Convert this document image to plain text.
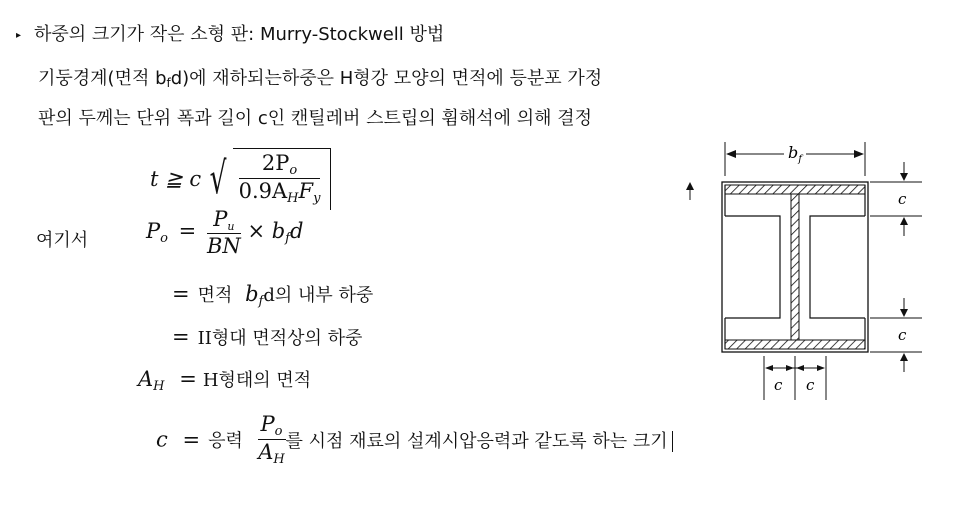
▸ 하중의 크기가 작은 소형 판: Murry-Stockwell 방법
기둥경계(면적 bfd)에 재하되는하중은 H형강 모양의 면적에 등분포 가정
판의 두께는 단위 폭과 길이 c인 캔틸레버 스트립의 휨해석에 의해 결정
t ≧ c √ $\frac{2P_o}{0.9A_HF_y}$
여기서	$P_o = \frac{P_u}{BN} \times b_fd$
= 면적 $b_fd$의 내부 하중
= II형대 면적상의 하중
$A_H = H$형태의 면적
c = 응력 $\frac{P_o}{A_H}$ 를 시점 재료의 설계시압응력과 같도록 하는 크기
$b_f$
c
c
c c
